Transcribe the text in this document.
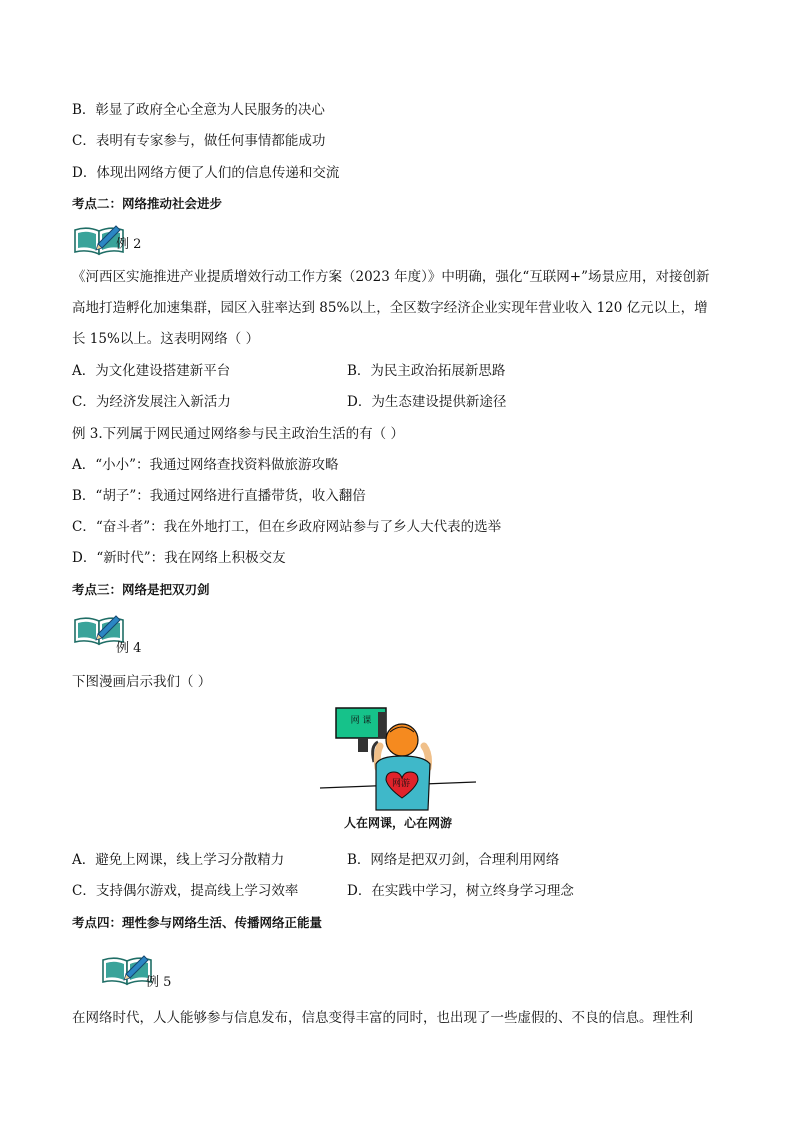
B．彰显了政府全心全意为人民服务的决心
C．表明有专家参与，做任何事情都能成功
D．体现出网络方便了人们的信息传递和交流
考点二：网络推动社会进步
例 2
《河西区实施推进产业提质增效行动工作方案（2023 年度）》中明确，强化“互联网+”场景应用，对接创新
高地打造孵化加速集群，园区入驻率达到 85%以上，全区数字经济企业实现年营业收入 120 亿元以上，增
长 15%以上。这表明网络（ ）
A．为文化建设搭建新平台	B．为民主政治拓展新思路
C．为经济发展注入新活力	D．为生态建设提供新途径
例 3.下列属于网民通过网络参与民主政治生活的有（ ）
A．“小小”：我通过网络查找资料做旅游攻略
B．“胡子”：我通过网络进行直播带货，收入翻倍
C．“奋斗者”：我在外地打工，但在乡政府网站参与了乡人大代表的选举
D．“新时代”：我在网络上积极交友
考点三：网络是把双刃剑
例 4
下图漫画启示我们（ ）
网 课
网游
人在网课，心在网游
A．避免上网课，线上学习分散精力	B．网络是把双刃剑，合理利用网络
C．支持偶尔游戏，提高线上学习效率	D．在实践中学习，树立终身学习理念
考点四：理性参与网络生活、传播网络正能量
例 5
在网络时代，人人能够参与信息发布，信息变得丰富的同时，也出现了一些虚假的、不良的信息。理性利
